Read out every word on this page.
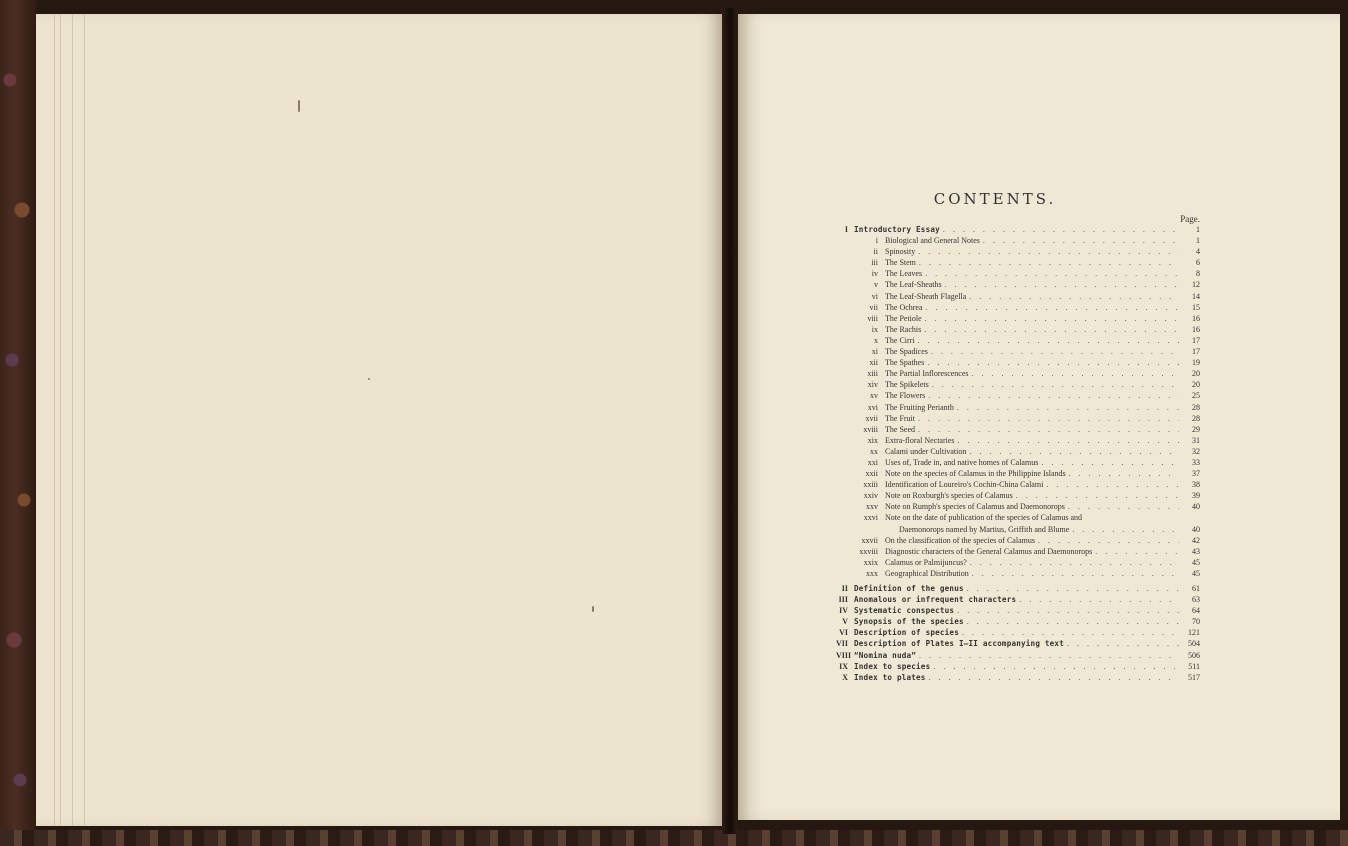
CONTENTS.
Page.
I Introductory Essay . . .	1
i Biological and General Notes . . .	1
ii Spinosity . . .	4
iii The Stem . . .	6
iv The Leaves . . .	8
v The Leaf-Sheaths . . .	12
vi The Leaf-Sheath Flagella . . .	14
vii The Ochrea . . .	15
viii The Petiole . . .	16
ix The Rachis . . .	16
x The Cirri . . .	17
xi The Spadices . . .	17
xii The Spathes . . .	19
xiii The Partial Inflorescences . . .	20
xiv The Spikelets . . .	20
xv The Flowers . . .	25
xvi The Fruiting Perianth . . .	28
xvii The Fruit . . .	28
xviii The Seed . . .	29
xix Extra-floral Nectaries . . .	31
xx Calami under Cultivation . . .	32
xxi Uses of, Trade in, and native homes of Calamus . . .	33
xxii Note on the species of Calamus in the Philippine Islands . . .	37
xxiii Identification of Loureiro's Cochin-China Calami . . .	38
xxiv Note on Roxburgh's species of Calamus . . .	39
xxv Note on Rumph's species of Calamus and Daemonorops . . .	40
xxvi Note on the date of publication of the species of Calamus and
Daemonorops named by Martius, Griffith and Blume . . .	40
xxvii On the classification of the species of Calamus . . .	42
xxviii Diagnostic characters of the General Calamus and Daemonorops . . .	43
xxix Calamus or Palmijuncus? . . .	45
xxx Geographical Distribution . . .	45
II Definition of the genus . . .	61
III Anomalous or infrequent characters . . .	63
IV Systematic conspectus . . .	64
V Synopsis of the species . . .	70
VI Description of species . . .	121
VII Description of Plates I—II accompanying text . . .	504
VIII “Nomina nuda” . . .	506
IX Index to species . . .	511
X Index to plates . . .	517
